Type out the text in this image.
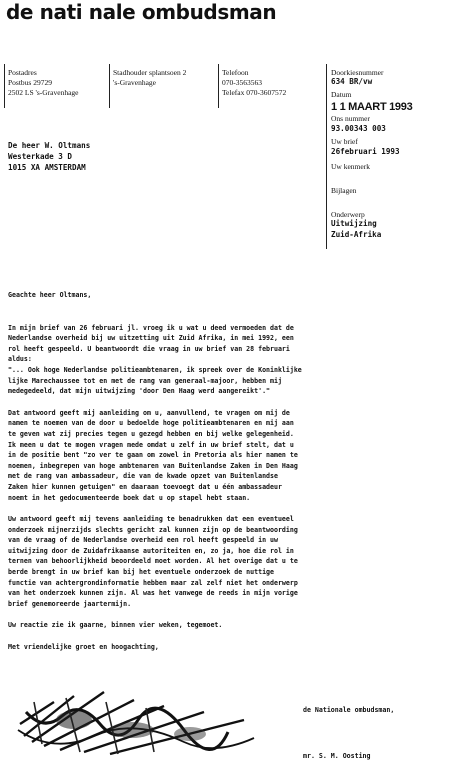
de nati nale ombudsman
Postadres
Postbus 29729
2502 LS 's-Gravenhage
Stadhouder splantsoen 2
's-Gravenhage
Telefoon
070-3563563
Telefax 070-3607572
Doorkiesnummer
634 BR/vw
Datum
1 1 MAART 1993
Ons nummer
93.00343 003
Uw brief
26februari 1993
Uw kenmerk
Bijlagen
Onderwerp
Uitwijzing
Zuid-Afrika
De heer W. Oltmans
Westerkade 3 D
1015 XA AMSTERDAM

Geachte heer Oltmans,

In mijn brief van 26 februari jl. vroeg ik u wat u deed vermoeden dat de

Nederlandse overheid bij uw uitzetting uit Zuid Afrika, in mei 1992, een

rol heeft gespeeld. U beantwoordt die vraag in uw brief van 28 februari

aldus:

"... Ook hoge Nederlandse politieambtenaren, ik spreek over de Koninklijke

lijke Marechaussee tot en met de rang van generaal-majoor, hebben mij

medegedeeld, dat mijn uitwijzing 'door Den Haag werd aangereikt'."

Dat antwoord geeft mij aanleiding om u, aanvullend, te vragen om mij de

namen te noemen van de door u bedoelde hoge politieambtenaren en mij aan

te geven wat zij precies tegen u gezegd hebben en bij welke gelegenheid.

Ik meen u dat te mogen vragen mede omdat u zelf in uw brief stelt, dat u

in de positie bent "zo ver te gaan om zowel in Pretoria als hier namen te

noemen, inbegrepen van hoge ambtenaren van Buitenlandse Zaken in Den Haag

met de rang van ambassadeur, die van de kwade opzet van Buitenlandse

Zaken hier kunnen getuigen" en daaraan toevoegt dat u één ambassadeur

noemt in het gedocumenteerde boek dat u op stapel hebt staan.

Uw antwoord geeft mij tevens aanleiding te benadrukken dat een eventueel

onderzoek mijnerzijds slechts gericht zal kunnen zijn op de beantwoording

van de vraag of de Nederlandse overheid een rol heeft gespeeld in uw

uitwijzing door de Zuidafrikaanse autoriteiten en, zo ja, hoe die rol in

ternen van behoorlijkheid beoordeeld moet worden. Al het overige dat u te

berde brengt in uw brief kan bij het eventuele onderzoek de nuttige

functie van achtergrondinformatie hebben maar zal zelf niet het onderwerp

van het onderzoek kunnen zijn. Al was het vanwege de reeds in mijn vorige

brief genemoreerde jaartermijn.

Uw reactie zie ik gaarne, binnen vier weken, tegemoet.

Met vriendelijke groet en hoogachting,

de Nationale ombudsman,
mr. S. M. Oosting
